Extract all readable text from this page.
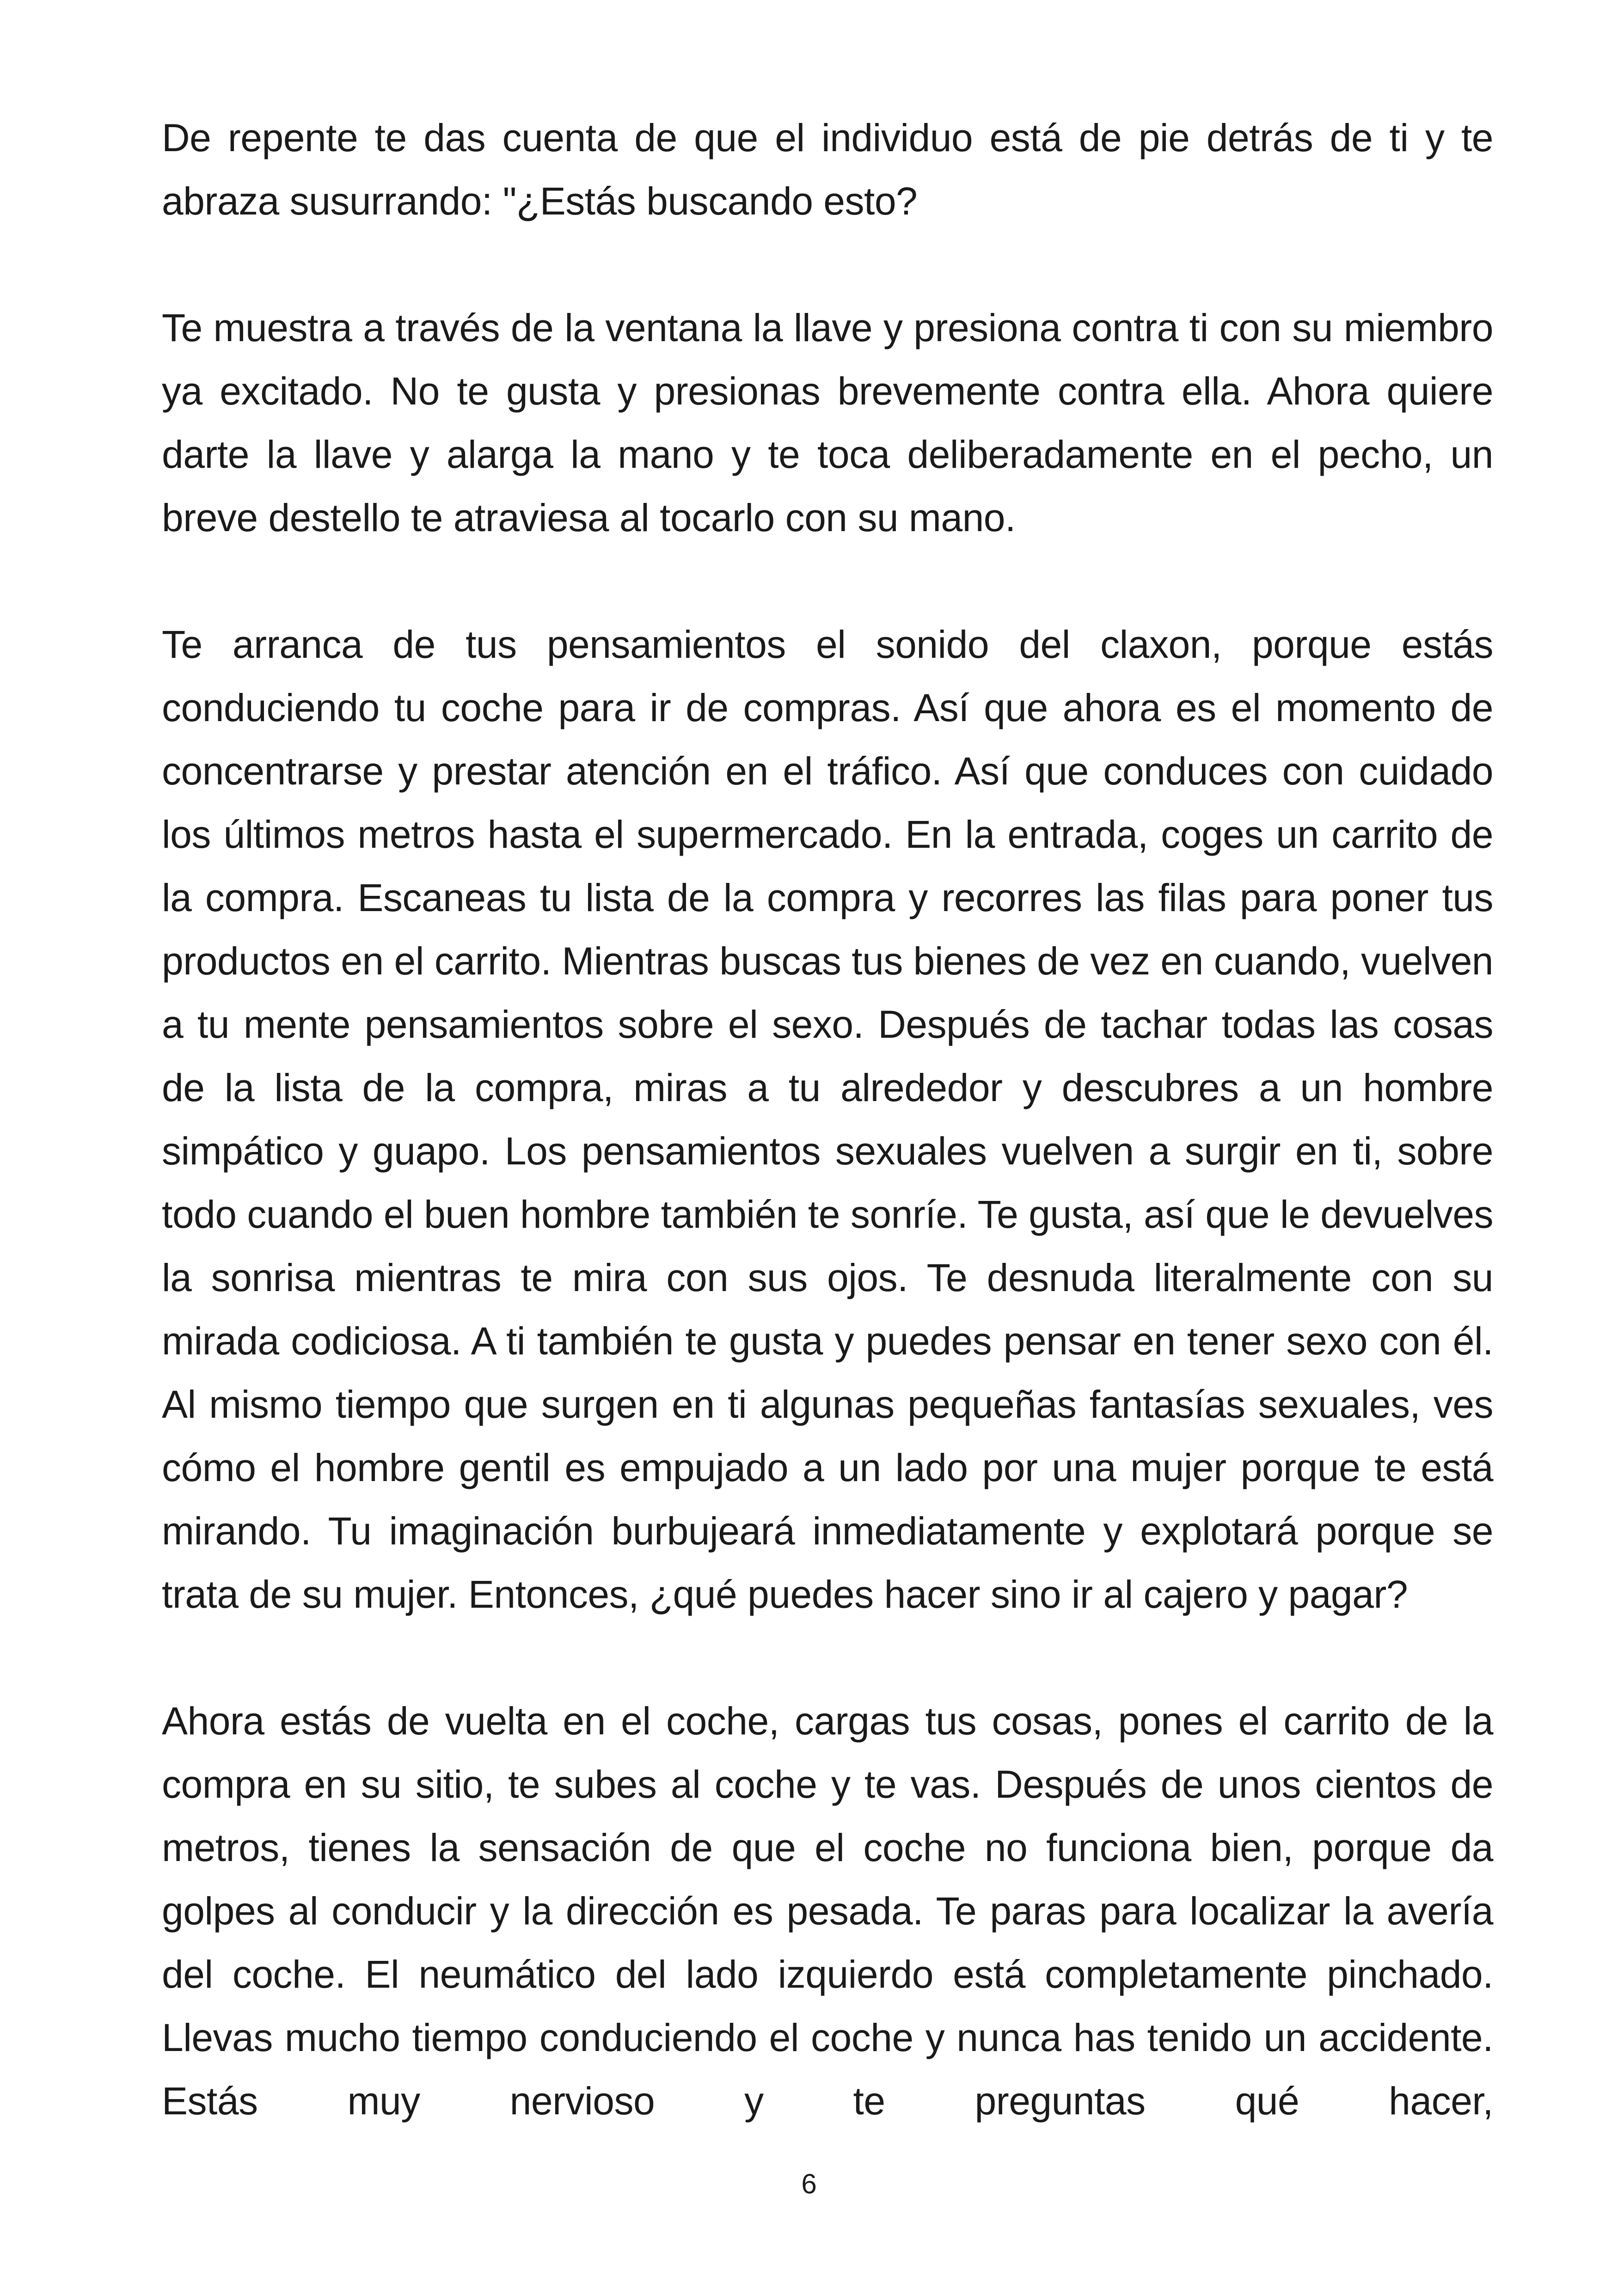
De repente te das cuenta de que el individuo está de pie detrás de ti y te abraza susurrando: "¿Estás buscando esto?

Te muestra a través de la ventana la llave y presiona contra ti con su miembro ya excitado. No te gusta y presionas brevemente contra ella. Ahora quiere darte la llave y alarga la mano y te toca deliberadamente en el pecho, un breve destello te atraviesa al tocarlo con su mano.

Te arranca de tus pensamientos el sonido del claxon, porque estás conduciendo tu coche para ir de compras. Así que ahora es el momento de concentrarse y prestar atención en el tráfico. Así que conduces con cuidado los últimos metros hasta el supermercado. En la entrada, coges un carrito de la compra. Escaneas tu lista de la compra y recorres las filas para poner tus productos en el carrito. Mientras buscas tus bienes de vez en cuando, vuelven a tu mente pensamientos sobre el sexo. Después de tachar todas las cosas de la lista de la compra, miras a tu alrededor y descubres a un hombre simpático y guapo. Los pensamientos sexuales vuelven a surgir en ti, sobre todo cuando el buen hombre también te sonríe. Te gusta, así que le devuelves la sonrisa mientras te mira con sus ojos. Te desnuda literalmente con su mirada codiciosa. A ti también te gusta y puedes pensar en tener sexo con él. Al mismo tiempo que surgen en ti algunas pequeñas fantasías sexuales, ves cómo el hombre gentil es empujado a un lado por una mujer porque te está mirando. Tu imaginación burbujeará inmediatamente y explotará porque se trata de su mujer. Entonces, ¿qué puedes hacer sino ir al cajero y pagar?

Ahora estás de vuelta en el coche, cargas tus cosas, pones el carrito de la compra en su sitio, te subes al coche y te vas. Después de unos cientos de metros, tienes la sensación de que el coche no funciona bien, porque da golpes al conducir y la dirección es pesada. Te paras para localizar la avería del coche. El neumático del lado izquierdo está completamente pinchado. Llevas mucho tiempo conduciendo el coche y nunca has tenido un accidente. Estás muy nervioso y te preguntas qué hacer,

6
